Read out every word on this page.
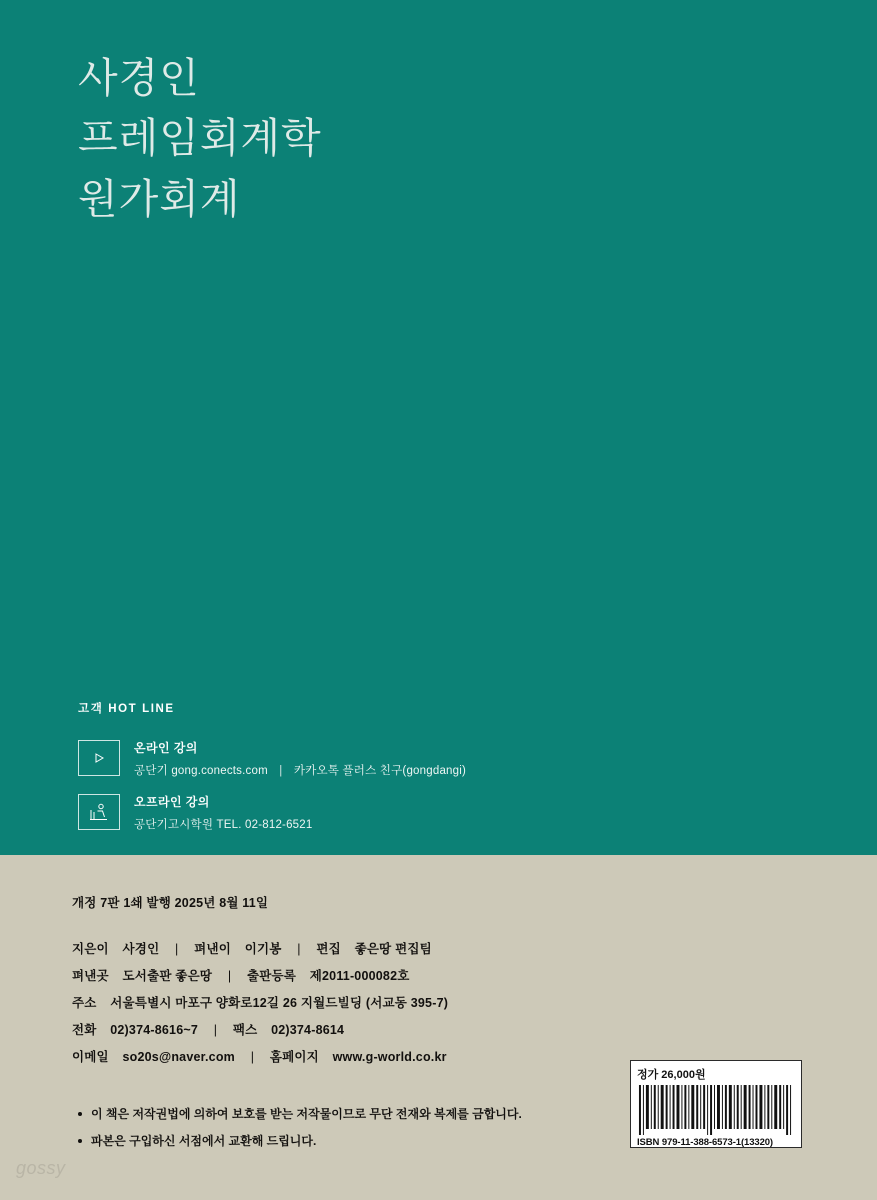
사경인
프레임회계학
원가회계
고객 HOT LINE
온라인 강의
공단기 gong.conects.com | 카카오톡 플러스 친구(gongdangi)
오프라인 강의
공단기고시학원 TEL. 02-812-6521
개정 7판 1쇄 발행 2025년 8월 11일
지은이 사경인 | 펴낸이 이기봉 | 편집 좋은땅 편집팀
펴낸곳 도서출판 좋은땅 | 출판등록 제2011-000082호
주소 서울특별시 마포구 양화로12길 26 지월드빌딩 (서교동 395-7)
전화 02)374-8616~7 | 팩스 02)374-8614
이메일 so20s@naver.com | 홈페이지 www.g-world.co.kr
이 책은 저작권법에 의하여 보호를 받는 저작물이므로 무단 전재와 복제를 금합니다.
파본은 구입하신 서점에서 교환해 드립니다.
정가 26,000원
ISBN 979-11-388-6573-1(13320)
gossy
